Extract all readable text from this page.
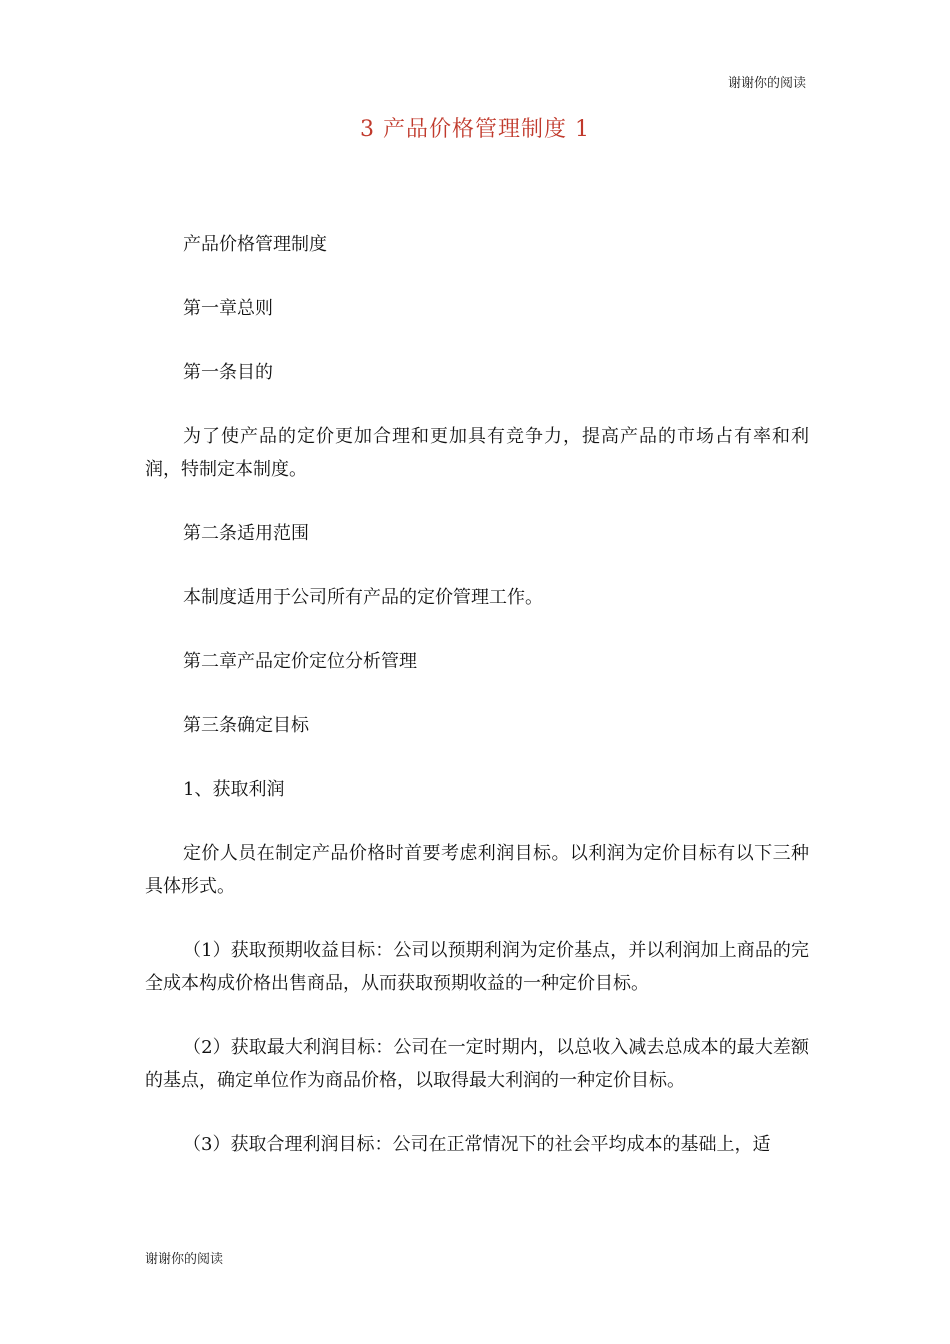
谢谢你的阅读
3 产品价格管理制度 1

产品价格管理制度

第一章总则

第一条目的

为了使产品的定价更加合理和更加具有竞争力，提高产品的市场占有率和利润，特制定本制度。

第二条适用范围

本制度适用于公司所有产品的定价管理工作。

第二章产品定价定位分析管理

第三条确定目标

1、获取利润

定价人员在制定产品价格时首要考虑利润目标。以利润为定价目标有以下三种具体形式。

（1）获取预期收益目标：公司以预期利润为定价基点，并以利润加上商品的完全成本构成价格出售商品，从而获取预期收益的一种定价目标。

（2）获取最大利润目标：公司在一定时期内，以总收入减去总成本的最大差额的基点，确定单位作为商品价格，以取得最大利润的一种定价目标。

（3）获取合理利润目标：公司在正常情况下的社会平均成本的基础上，适

谢谢你的阅读
